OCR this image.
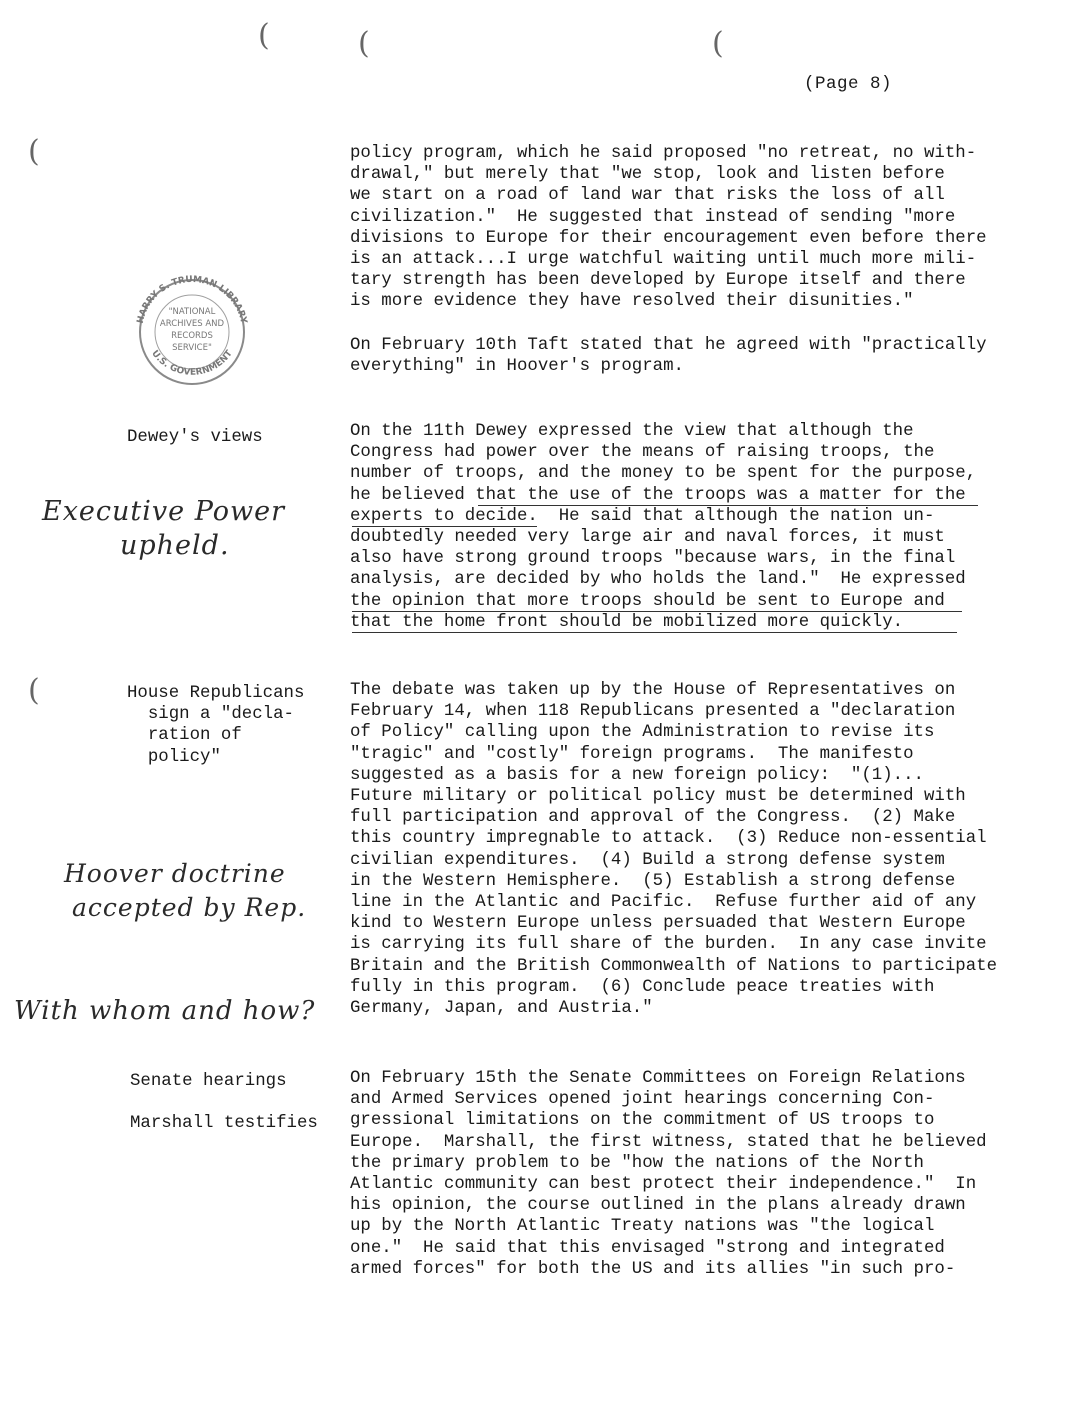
(	(	(
(
(
(Page 8)
HARRY S. TRUMAN LIBRARY
U.S. GOVERNMENT
"NATIONAL
ARCHIVES AND
RECORDS
SERVICE"
policy program, which he said proposed "no retreat, no with-
drawal," but merely that "we stop, look and listen before
we start on a road of land war that risks the loss of all
civilization."  He suggested that instead of sending "more
divisions to Europe for their encouragement even before there
is an attack...I urge watchful waiting until much more mili-
tary strength has been developed by Europe itself and there
is more evidence they have resolved their disunities."
On February 10th Taft stated that he agreed with "practically
everything" in Hoover's program.
Dewey's views	On the 11th Dewey expressed the view that although the
Congress had power over the means of raising troops, the
number of troops, and the money to be spent for the purpose,
he believed that the use of the troops was a matter for the
experts to decide.  He said that although the nation un-
doubtedly needed very large air and naval forces, it must
also have strong ground troops "because wars, in the final
analysis, are decided by who holds the land."  He expressed
the opinion that more troops should be sent to Europe and
that the home front should be mobilized more quickly.
House Republicans
sign a "decla-
ration of
policy"
The debate was taken up by the House of Representatives on
February 14, when 118 Republicans presented a "declaration
of Policy" calling upon the Administration to revise its
"tragic" and "costly" foreign programs.  The manifesto
suggested as a basis for a new foreign policy:  "(1)...
Future military or political policy must be determined with
full participation and approval of the Congress.  (2) Make
this country impregnable to attack.  (3) Reduce non-essential
civilian expenditures.  (4) Build a strong defense system
in the Western Hemisphere.  (5) Establish a strong defense
line in the Atlantic and Pacific.  Refuse further aid of any
kind to Western Europe unless persuaded that Western Europe
is carrying its full share of the burden.  In any case invite
Britain and the British Commonwealth of Nations to participate
fully in this program.  (6) Conclude peace treaties with
Germany, Japan, and Austria."
Senate hearings

Marshall testifies
On February 15th the Senate Committees on Foreign Relations
and Armed Services opened joint hearings concerning Con-
gressional limitations on the commitment of US troops to
Europe.  Marshall, the first witness, stated that he believed
the primary problem to be "how the nations of the North
Atlantic community can best protect their independence."  In
his opinion, the course outlined in the plans already drawn
up by the North Atlantic Treaty nations was "the logical
one."  He said that this envisaged "strong and integrated
armed forces" for both the US and its allies "in such pro-
Executive Power
upheld.
Hoover doctrine
accepted by Rep.
With whom and how?
